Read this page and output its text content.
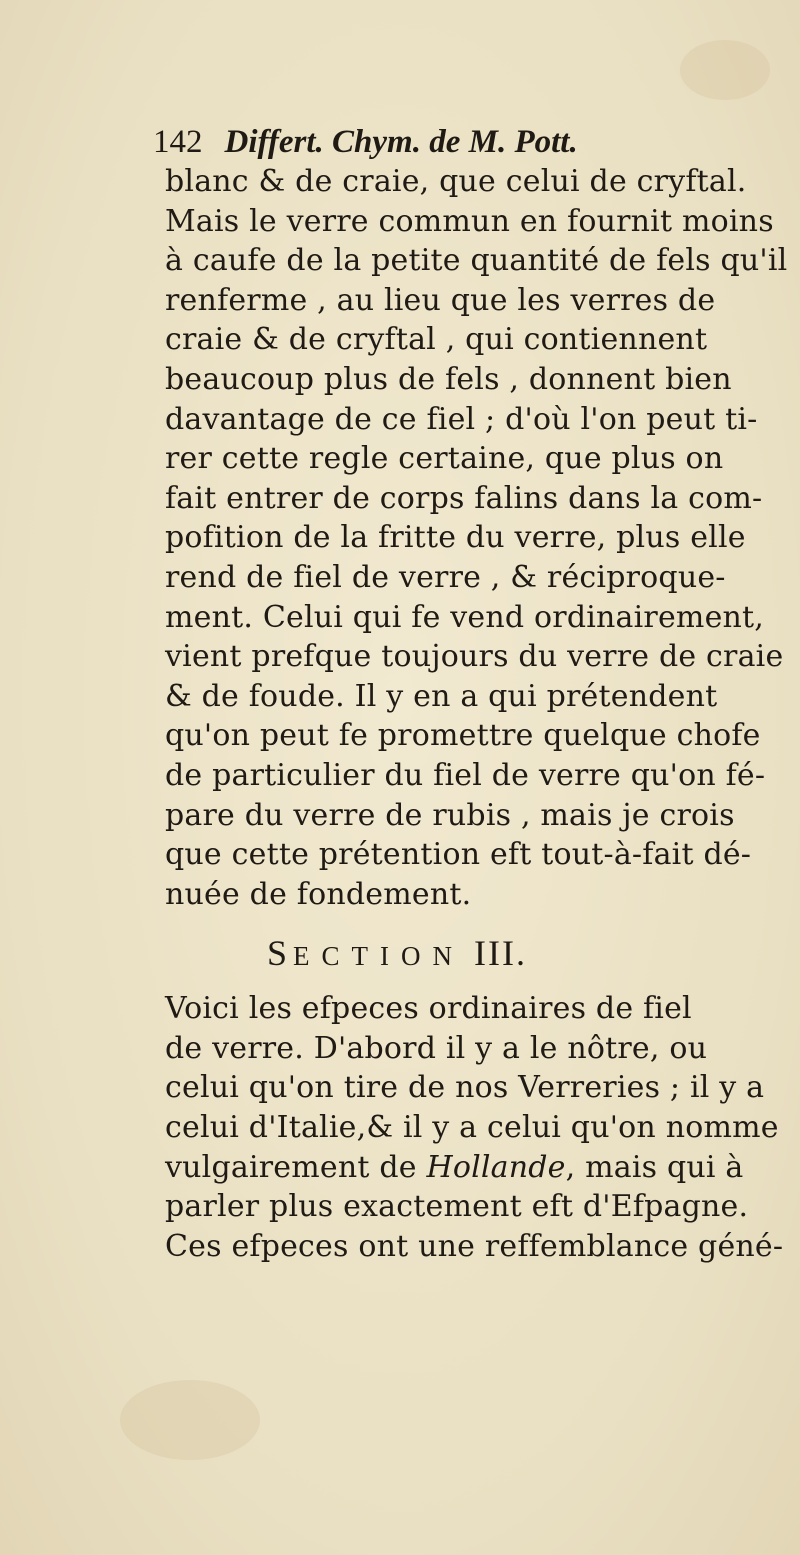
142 Differt. Chym. de M. Pott.
blanc & de craie, que celui de cryftal.
Mais le verre commun en fournit moins
à caufe de la petite quantité de fels qu'il
renferme , au lieu que les verres de
craie & de cryftal , qui contiennent
beaucoup plus de fels , donnent bien
davantage de ce fiel ; d'où l'on peut ti-
rer cette regle certaine, que plus on
fait entrer de corps falins dans la com-
pofition de la fritte du verre, plus elle
rend de fiel de verre , & réciproque-
ment. Celui qui fe vend ordinairement,
vient prefque toujours du verre de craie
& de foude. Il y en a qui prétendent
qu'on peut fe promettre quelque chofe
de particulier du fiel de verre qu'on fé-
pare du verre de rubis , mais je crois
que cette prétention eft tout-à-fait dé-
nuée de fondement.
SECTION III.
Voici les efpeces ordinaires de fiel
de verre. D'abord il y a le nôtre, ou
celui qu'on tire de nos Verreries ; il y a
celui d'Italie,& il y a celui qu'on nomme
vulgairement de Hollande, mais qui à
parler plus exactement eft d'Efpagne.
Ces efpeces ont une reffemblance géné-
